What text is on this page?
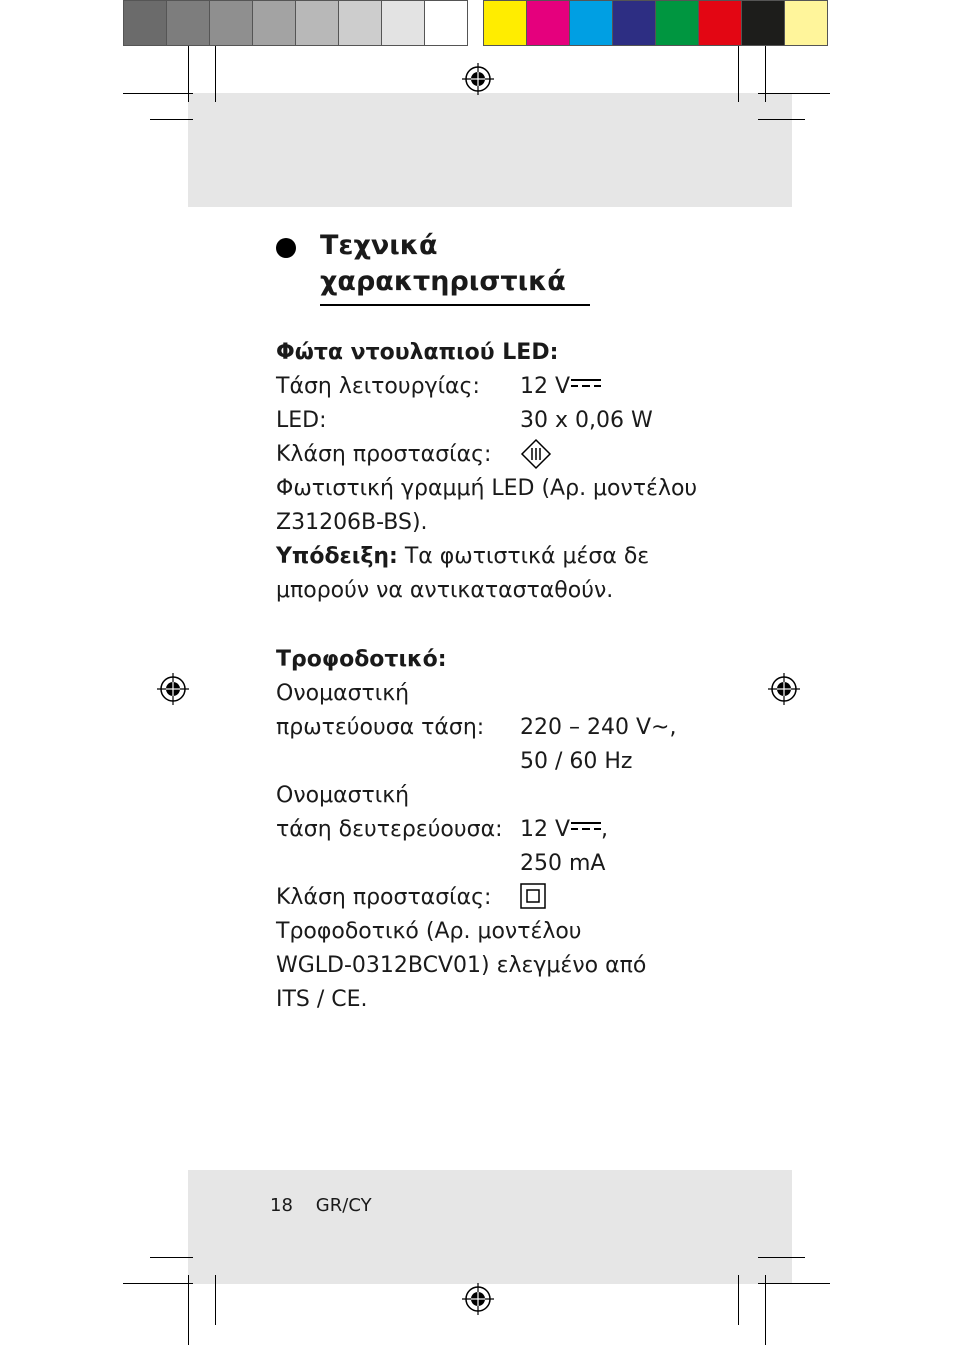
Τεχνικά
χαρακτηριστικά
Φώτα ντουλαπιού LED:
Τάση λειτουργίας: 12 V
LED:	30 x 0,06 W
Κλάση προστασίας:
Φωτιστική γραμμή LED (Αρ. μοντέλου
Z31206B-BS).
Υπόδειξη: Τα φωτιστικά μέσα δε
μπορούν να αντικατασταθούν.
Τροφοδοτικό:
Ονομαστική
πρωτεύουσα τάση: 220 – 240 V~,
50 / 60 Hz
Ονομαστική
τάση δευτερεύουσα: 12 V ,
250 mA
Κλάση προστασίας:
Τροφοδοτικό (Αρ. μοντέλου
WGLD-0312BCV01) ελεγμένο από
ITS / CE.
18 GR/CY
